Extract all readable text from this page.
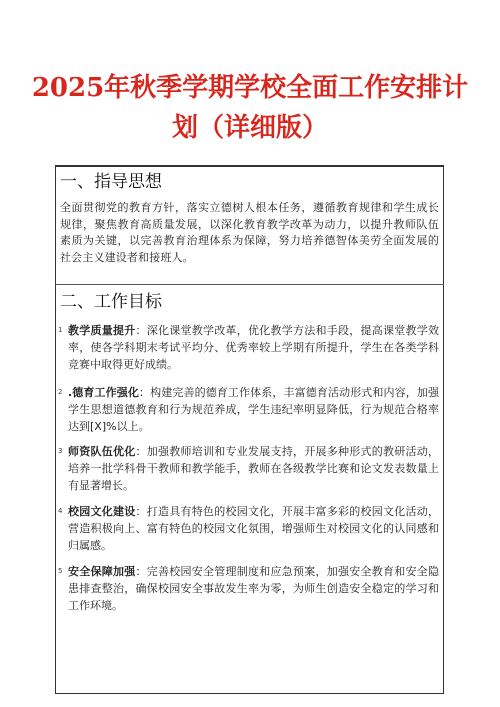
2025年秋季学期学校全面工作安排计划（详细版）
一、指导思想
全面贯彻党的教育方针，落实立德树人根本任务，遵循教育规律和学生成长规律，聚焦教育高质量发展，以深化教育教学改革为动力，以提升教师队伍素质为关键，以完善教育治理体系为保障，努力培养德智体美劳全面发展的社会主义建设者和接班人。
二、工作目标
1 教学质量提升：深化课堂教学改革，优化教学方法和手段，提高课堂教学效率，使各学科期末考试平均分、优秀率较上学期有所提升，学生在各类学科竞赛中取得更好成绩。
2 .德育工作强化：构建完善的德育工作体系，丰富德育活动形式和内容，加强学生思想道德教育和行为规范养成，学生违纪率明显降低，行为规范合格率达到[X]%以上。
3 师资队伍优化：加强教师培训和专业发展支持，开展多种形式的教研活动，培养一批学科骨干教师和教学能手，教师在各级教学比赛和论文发表数量上有显著增长。
4 校园文化建设：打造具有特色的校园文化，开展丰富多彩的校园文化活动，营造积极向上、富有特色的校园文化氛围，增强师生对校园文化的认同感和归属感。
5 安全保障加强：完善校园安全管理制度和应急预案，加强安全教育和安全隐患排查整治，确保校园安全事故发生率为零，为师生创造安全稳定的学习和工作环境。
